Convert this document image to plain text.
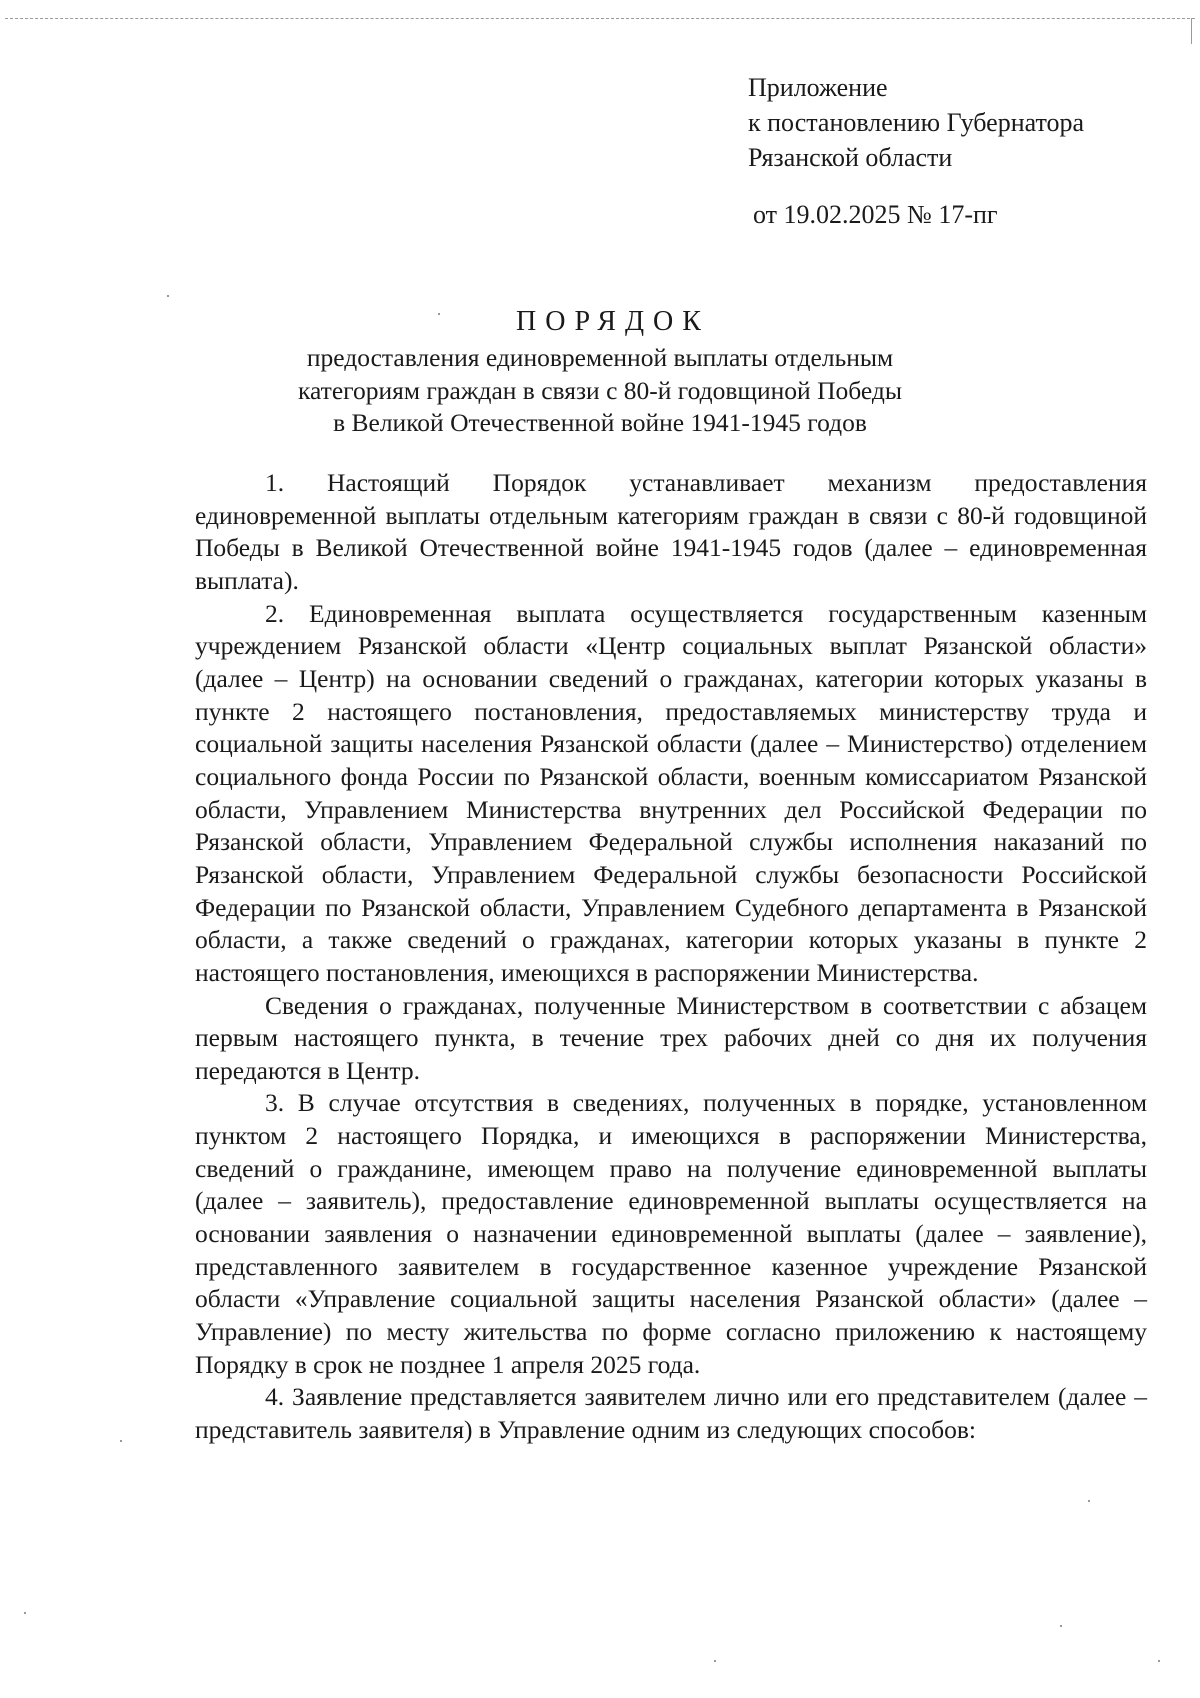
Приложение
к постановлению Губернатора
Рязанской области
от 19.02.2025 № 17-пг
ПОРЯДОК
предоставления единовременной выплаты отдельным
категориям граждан в связи с 80-й годовщиной Победы
в Великой Отечественной войне 1941-1945 годов

1. Настоящий Порядок устанавливает механизм предоставления единовременной выплаты отдельным категориям граждан в связи с 80-й годовщиной Победы в Великой Отечественной войне 1941-1945 годов (далее – единовременная выплата).

2. Единовременная выплата осуществляется государственным казенным учреждением Рязанской области «Центр социальных выплат Рязанской области» (далее – Центр) на основании сведений о гражданах, категории которых указаны в пункте 2 настоящего постановления, предоставляемых министерству труда и социальной защиты населения Рязанской области (далее – Министерство) отделением социального фонда России по Рязанской области, военным комиссариатом Рязанской области, Управлением Министерства внутренних дел Российской Федерации по Рязанской области, Управлением Федеральной службы исполнения наказаний по Рязанской области, Управлением Федеральной службы безопасности Российской Федерации по Рязанской области, Управлением Судебного департамента в Рязанской области, а также сведений о гражданах, категории которых указаны в пункте 2 настоящего постановления, имеющихся в распоряжении Министерства.

Сведения о гражданах, полученные Министерством в соответствии с абзацем первым настоящего пункта, в течение трех рабочих дней со дня их получения передаются в Центр.

3. В случае отсутствия в сведениях, полученных в порядке, установленном пунктом 2 настоящего Порядка, и имеющихся в распоряжении Министерства, сведений о гражданине, имеющем право на получение единовременной выплаты (далее – заявитель), предоставление единовременной выплаты осуществляется на основании заявления о назначении единовременной выплаты (далее – заявление), представленного заявителем в государственное казенное учреждение Рязанской области «Управление социальной защиты населения Рязанской области» (далее – Управление) по месту жительства по форме согласно приложению к настоящему Порядку в срок не позднее 1 апреля 2025 года.

4. Заявление представляется заявителем лично или его представителем (далее – представитель заявителя) в Управление одним из следующих способов:
